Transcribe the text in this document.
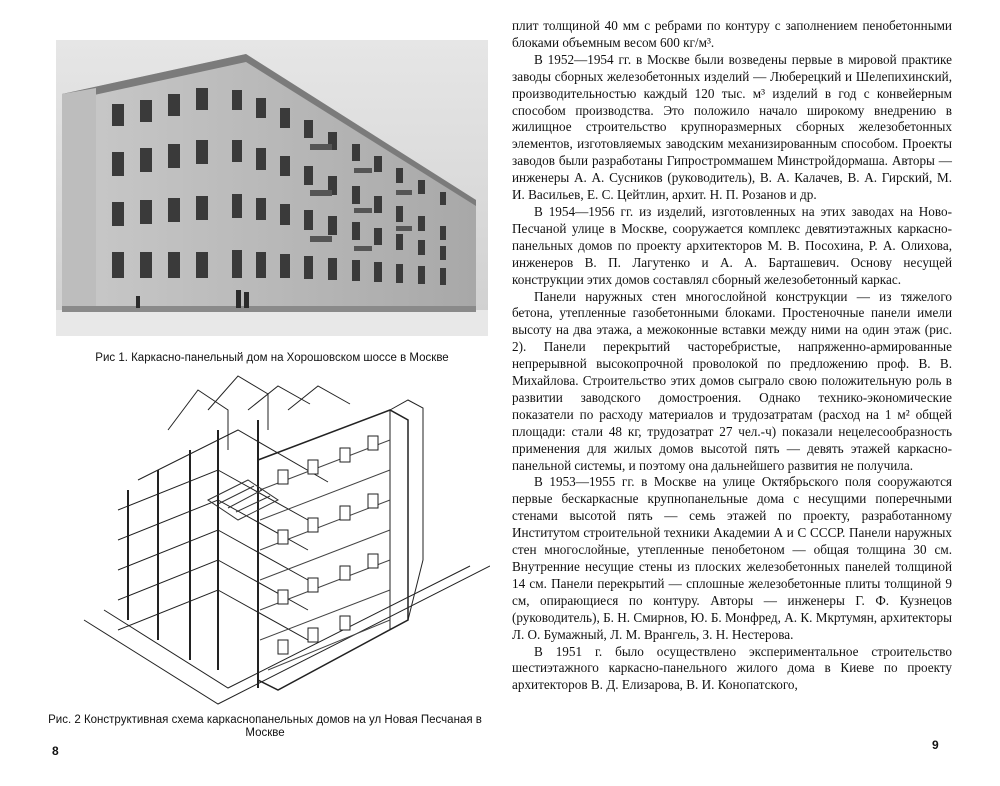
Рис 1. Каркасно-панельный дом на Хорошовском шоссе в Москве
Рис. 2 Конструктивная схема каркаснопанельных домов на ул Новая Песчаная в Москве
8

плит толщиной 40 мм с ребрами по контуру с заполнением пенобетонными блоками объемным весом 600 кг/м³.

В 1952—1954 гг. в Москве были возведены первые в мировой практике заводы сборных железобетонных изделий — Люберецкий и Шелепихинский, производительностью каждый 120 тыс. м³ изделий в год с конвейерным способом производства. Это положило начало широкому внедрению в жилищное строительство крупноразмерных сборных железобетонных элементов, изготовляемых заводским механизированным способом. Проекты заводов были разработаны Гипростроммашем Минстройдормаша. Авторы — инженеры А. А. Сусников (руководитель), В. А. Калачев, В. А. Гирский, М. И. Васильев, Е. С. Цейтлин, архит. Н. П. Розанов и др.

В 1954—1956 гг. из изделий, изготовленных на этих заводах на Ново-Песчаной улице в Москве, сооружается комплекс девятиэтажных каркасно-панельных домов по проекту архитекторов М. В. Посохина, Р. А. Олихова, инженеров В. П. Лагутенко и А. А. Барташевич. Основу несущей конструкции этих домов составлял сборный железобетонный каркас.

Панели наружных стен многослойной конструкции — из тяжелого бетона, утепленные газобетонными блоками. Простеночные панели имели высоту на два этажа, а межоконные вставки между ними на один этаж (рис. 2). Панели перекрытий часторебристые, напряженно-армированные непрерывной высокопрочной проволокой по предложению проф. В. В. Михайлова. Строительство этих домов сыграло свою положительную роль в развитии заводского домостроения. Однако технико-экономические показатели по расходу материалов и трудозатратам (расход на 1 м² общей площади: стали 48 кг, трудозатрат 27 чел.-ч) показали нецелесообразность применения для жилых домов высотой пять — девять этажей каркасно-панельной системы, и поэтому она дальнейшего развития не получила.

В 1953—1955 гг. в Москве на улице Октябрьского поля сооружаются первые бескаркасные крупнопанельные дома с несущими поперечными стенами высотой пять — семь этажей по проекту, разработанному Институтом строительной техники Академии А и С СССР. Панели наружных стен многослойные, утепленные пенобетоном — общая толщина 30 см. Внутренние несущие стены из плоских железобетонных панелей толщиной 14 см. Панели перекрытий — сплошные железобетонные плиты толщиной 9 см, опирающиеся по контуру. Авторы — инженеры Г. Ф. Кузнецов (руководитель), Б. Н. Смирнов, Ю. Б. Монфред, А. К. Мкртумян, архитекторы Л. О. Бумажный, Л. М. Врангель, З. Н. Нестерова.

В 1951 г. было осуществлено экспериментальное строительство шестиэтажного каркасно-панельного жилого дома в Киеве по проекту архитекторов В. Д. Елизарова, В. И. Конопатского,

9
